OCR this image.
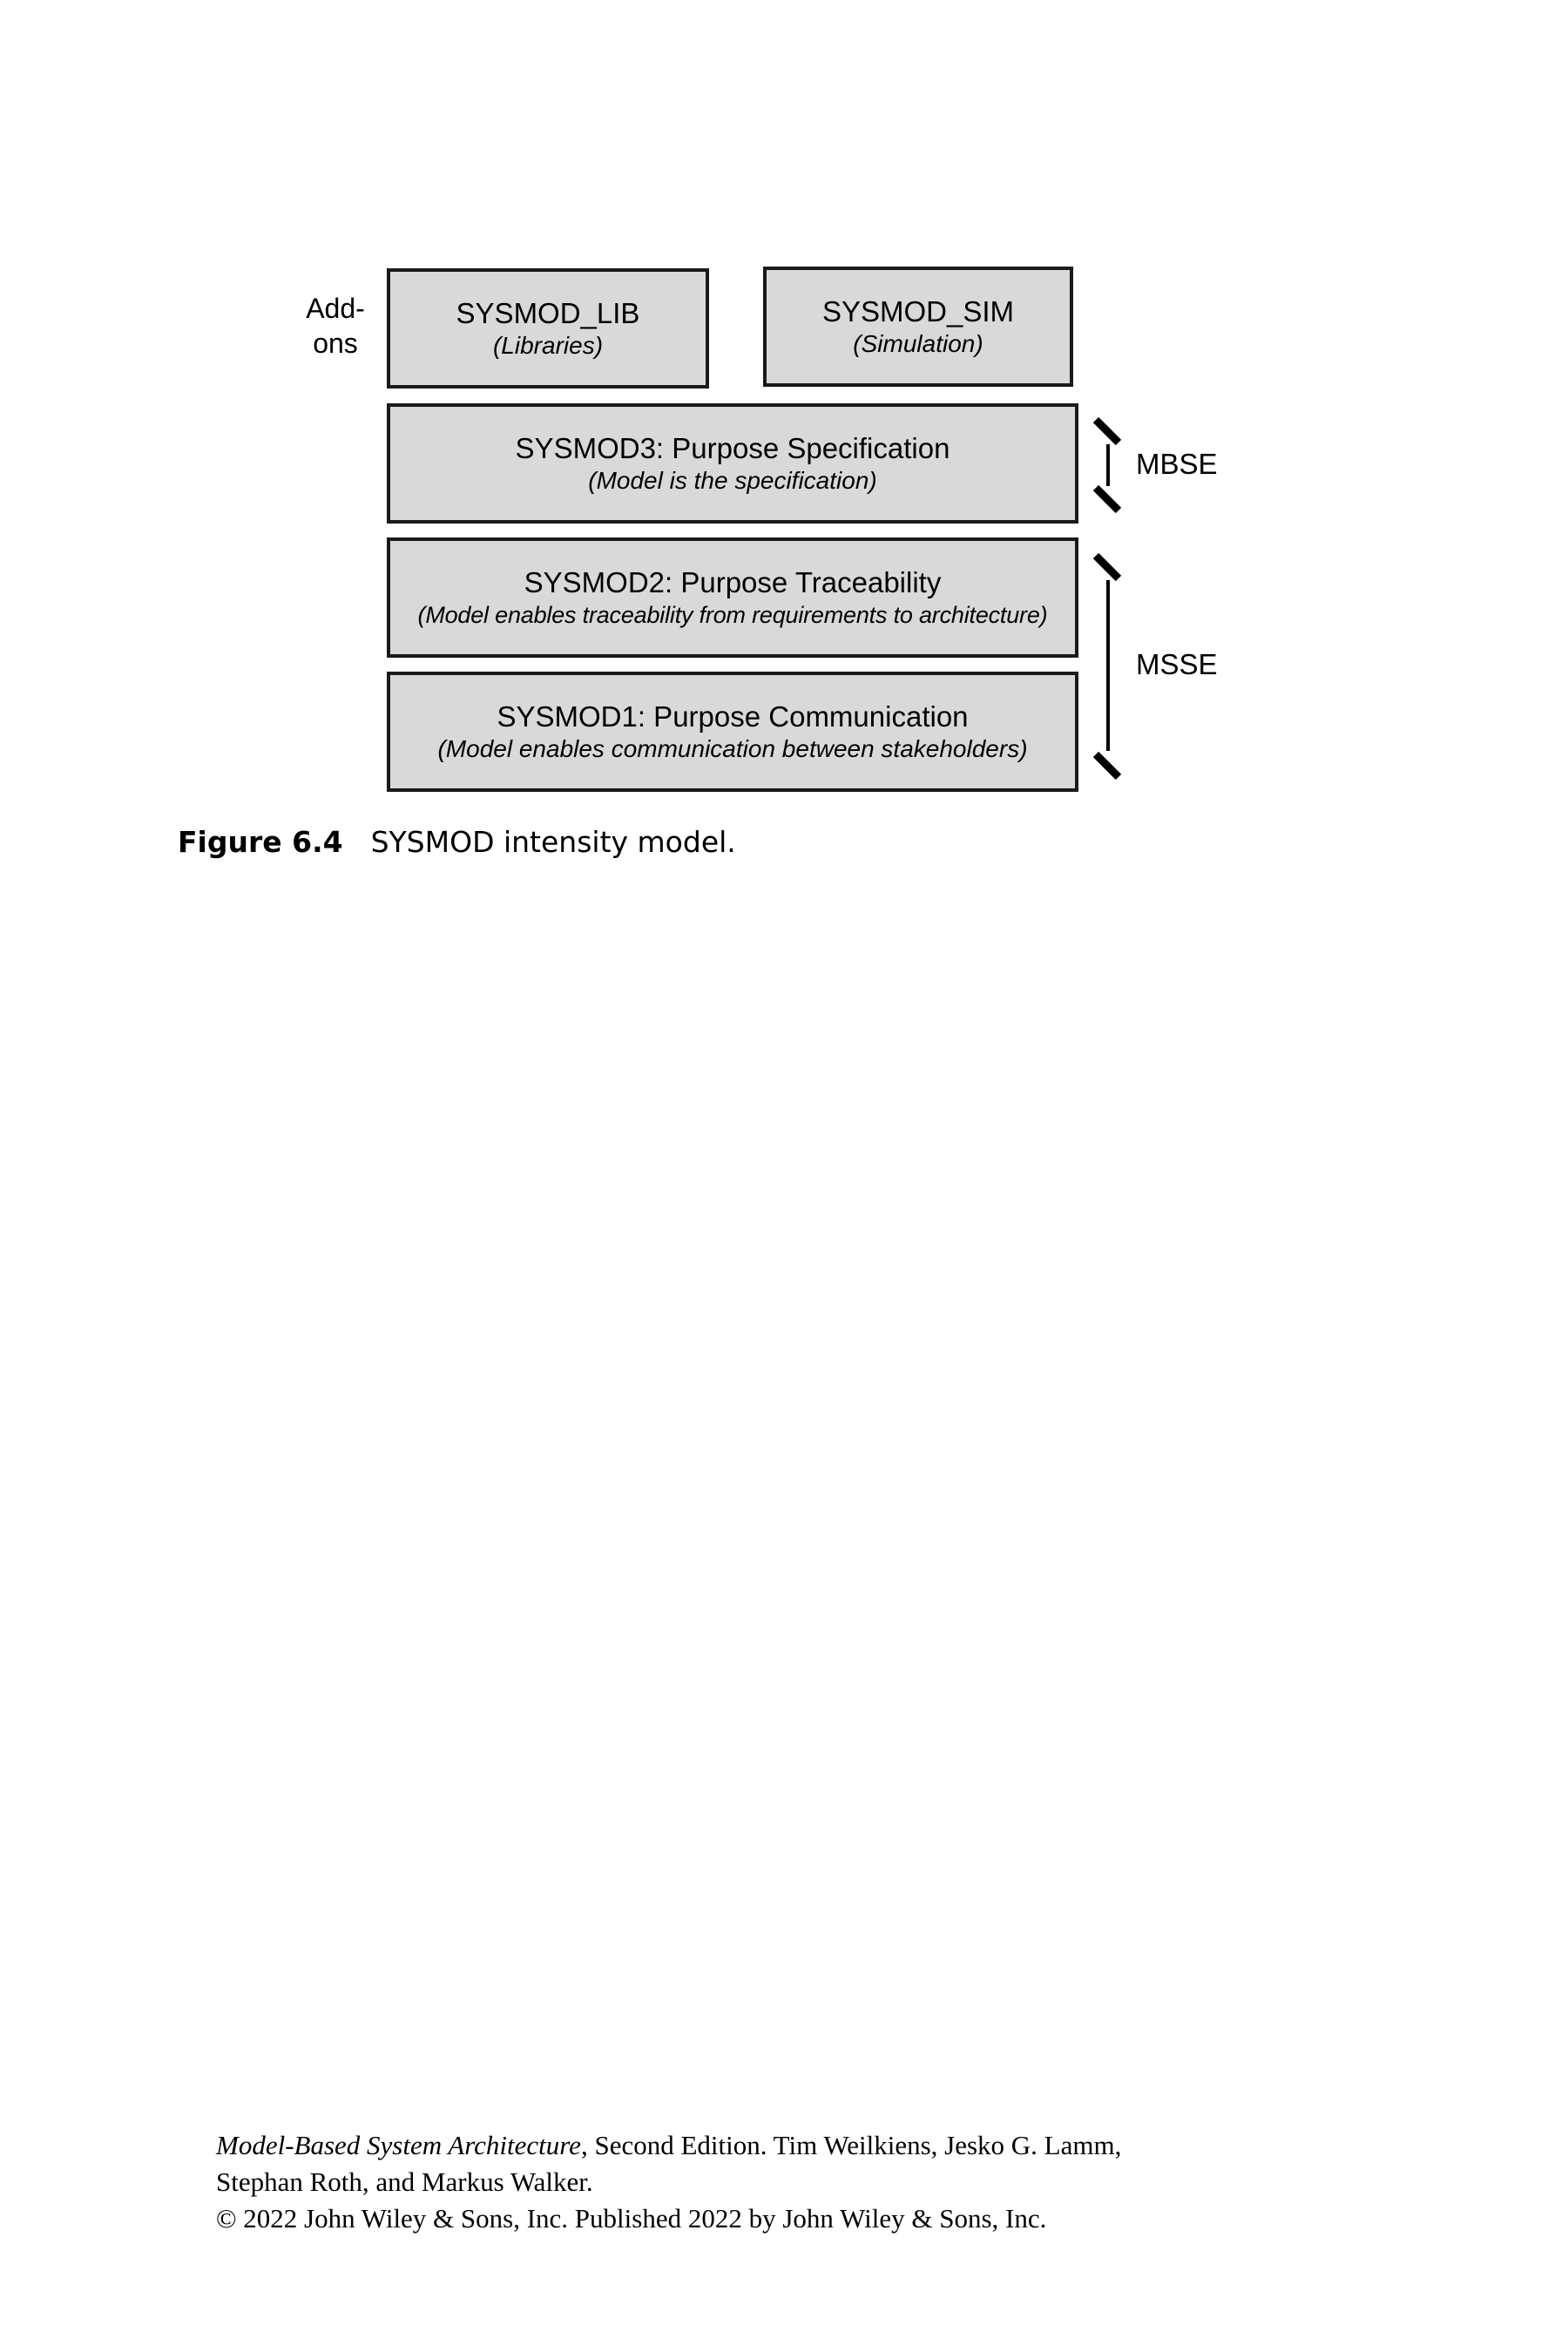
Add-
ons
SYSMOD_LIB
(Libraries)
SYSMOD_SIM
(Simulation)
SYSMOD3: Purpose Specification
(Model is the specification)
SYSMOD2: Purpose Traceability
(Model enables traceability from requirements to architecture)
SYSMOD1: Purpose Communication
(Model enables communication between stakeholders)
MBSE
MSSE
Figure 6.4 SYSMOD intensity model.
Model-Based System Architecture, Second Edition. Tim Weilkiens, Jesko G. Lamm,
Stephan Roth, and Markus Walker.
© 2022 John Wiley & Sons, Inc. Published 2022 by John Wiley & Sons, Inc.
